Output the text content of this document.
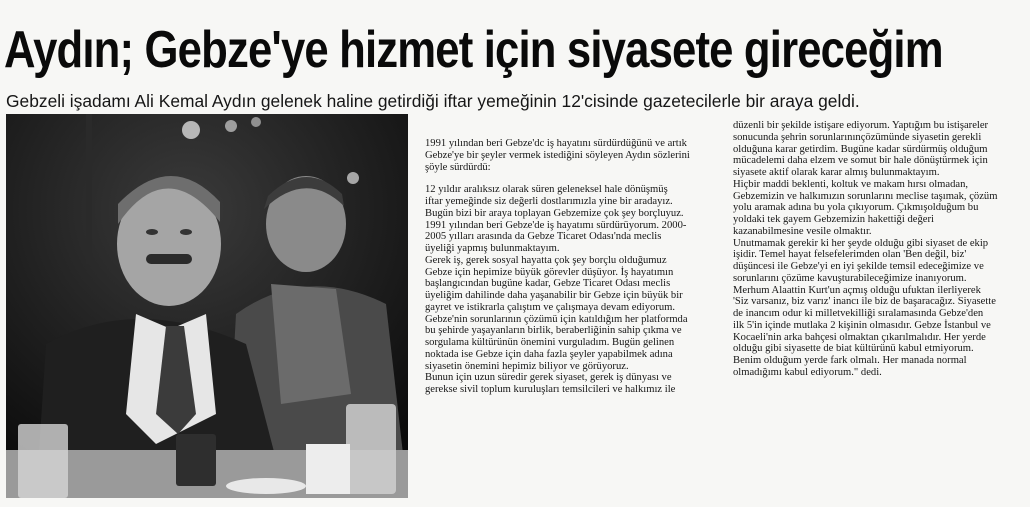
Aydın; Gebze'ye hizmet için siyasete gireceğim

Gebzeli işadamı Ali Kemal Aydın gelenek haline getirdiği iftar yemeğinin 12'cisinde gazetecilerle bir araya geldi.

1991 yılından beri Gebze'dc iş hayatını sürdürdüğünü ve artık

Gebze'ye bir şeyler vermek istediğini söyleyen Aydın sözlerini

şöyle sürdürdü:

12 yıldır aralıksız olarak süren geleneksel hale dönüşmüş

iftar yemeğinde siz değerli dostlarımızla yine bir aradayız.

Bugün bizi bir araya toplayan Gebzemize çok şey borçluyuz.

1991 yılından beri Gebze'de iş hayatımı sürdürüyorum. 2000-

2005 yılları arasında da Gebze Ticaret Odası'nda meclis

üyeliği yapmış bulunmaktayım.

Gerek iş, gerek sosyal hayatta çok şey borçlu olduğumuz

Gebze için hepimize büyük görevler düşüyor. İş hayatımın

başlangıcından bugüne kadar, Gebze Ticaret Odası meclis

üyeliğim dahilinde daha yaşanabilir bir Gebze için büyük bir

gayret ve istikrarla çalıştım ve çalışmaya devam ediyorum.

Gebze'nin sorunlarının çözümü için katıldığım her platformda

bu şehirde yaşayanların birlik, beraberliğinin sahip çıkma ve

sorgulama kültürünün önemini vurguladım. Bugün gelinen

noktada ise Gebze için daha fazla şeyler yapabilmek adına

siyasetin önemini hepimiz biliyor ve görüyoruz.

Bunun için uzun süredir gerek siyaset, gerek iş dünyası ve

gerekse sivil toplum kuruluşları temsilcileri ve halkımız ile

düzenli bir şekilde istişare ediyorum. Yaptığım bu istişareler

sonucunda şehrin sorunlarınınçözümünde siyasetin gerekli

olduğuna karar getirdim. Bugüne kadar sürdürmüş olduğum

mücadelemi daha elzem ve somut bir hale dönüştürmek için

siyasete aktif olarak karar almış bulunmaktayım.

Hiçbir maddi beklenti, koltuk ve makam hırsı olmadan,

Gebzemizin ve halkımızın sorunlarını meclise taşımak, çözüm

yolu aramak adına bu yola çıkıyorum. Çıkmışolduğum bu

yoldaki tek gayem Gebzemizin hakettiği değeri

kazanabilmesine vesile olmaktır.

Unutmamak gerekir ki her şeyde olduğu gibi siyaset de ekip

işidir. Temel hayat felsefelerimden olan 'Ben değil, biz'

düşüncesi ile Gebze'yi en iyi şekilde temsil edeceğimize ve

sorunlarını çözüme kavuşturabileceğimize inanıyorum.

Merhum Alaattin Kurt'un açmış olduğu ufuktan ilerliyerek

'Siz varsanız, biz varız' inancı ile biz de başaracağız. Siyasette

de inancım odur ki milletvekilliği sıralamasında Gebze'den

ilk 5'in içinde mutlaka 2 kişinin olmasıdır. Gebze İstanbul ve

Kocaeli'nin arka bahçesi olmaktan çıkarılmalıdır. Her yerde

olduğu gibi siyasette de biat kültürünü kabul etmiyorum.

Benim olduğum yerde fark olmalı. Her manada normal

olmadığımı kabul ediyorum." dedi.
